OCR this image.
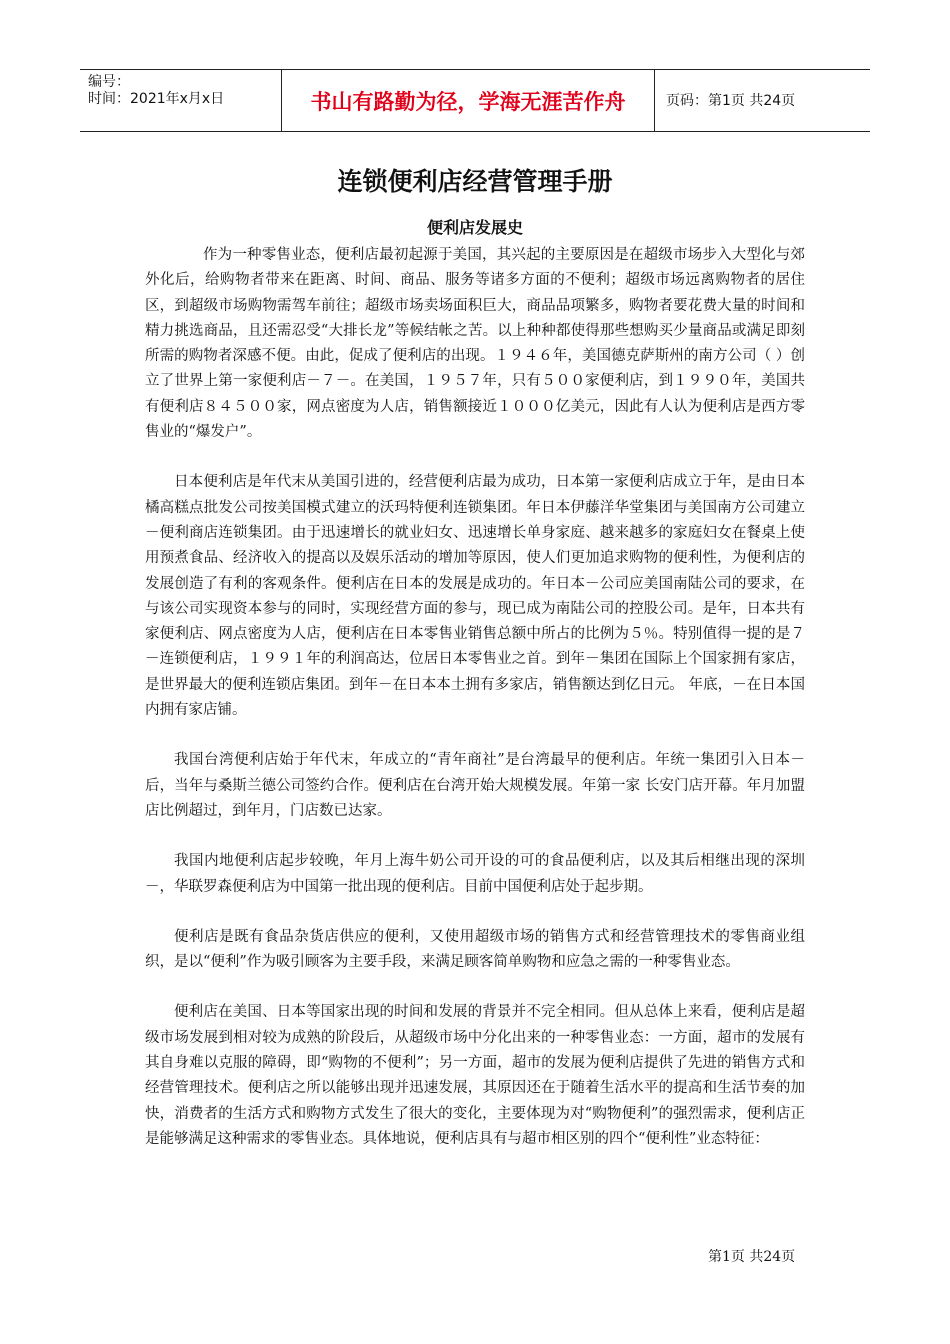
编号：
时间：2021年x月x日	书山有路勤为径，学海无涯苦作舟	页码：第1页 共24页
连锁便利店经营管理手册
便利店发展史

作为一种零售业态，便利店最初起源于美国，其兴起的主要原因是在超级市场步入大型化与郊外化后，给购物者带来在距离、时间、商品、服务等诸多方面的不便利；超级市场远离购物者的居住区，到超级市场购物需驾车前往；超级市场卖场面积巨大，商品品项繁多，购物者要花费大量的时间和精力挑选商品，且还需忍受“大排长龙”等候结帐之苦。以上种种都使得那些想购买少量商品或满足即刻所需的购物者深感不便。由此，促成了便利店的出现。１９４６年，美国德克萨斯州的南方公司（ ）创立了世界上第一家便利店－７－。在美国，１９５７年，只有５００家便利店，到１９９０年，美国共有便利店８４５００家，网点密度为人店，销售额接近１０００亿美元，因此有人认为便利店是西方零售业的“爆发户”。

日本便利店是年代末从美国引进的，经营便利店最为成功，日本第一家便利店成立于年，是由日本橘高糕点批发公司按美国模式建立的沃玛特便利连锁集团。年日本伊藤洋华堂集团与美国南方公司建立－便利商店连锁集团。由于迅速增长的就业妇女、迅速增长单身家庭、越来越多的家庭妇女在餐桌上使用预煮食品、经济收入的提高以及娱乐活动的增加等原因，使人们更加追求购物的便利性，为便利店的发展创造了有利的客观条件。便利店在日本的发展是成功的。年日本－公司应美国南陆公司的要求，在与该公司实现资本参与的同时，实现经营方面的参与，现已成为南陆公司的控股公司。是年，日本共有家便利店、网点密度为人店，便利店在日本零售业销售总额中所占的比例为５％。特别值得一提的是７－连锁便利店，１９９１年的利润高达，位居日本零售业之首。到年－集团在国际上个国家拥有家店，是世界最大的便利连锁店集团。到年－在日本本土拥有多家店，销售额达到亿日元。 年底，－在日本国内拥有家店铺。

我国台湾便利店始于年代末，年成立的“青年商社”是台湾最早的便利店。年统一集团引入日本－后，当年与桑斯兰德公司签约合作。便利店在台湾开始大规模发展。年第一家 长安门店开幕。年月加盟店比例超过，到年月，门店数已达家。

我国内地便利店起步较晚，年月上海牛奶公司开设的可的食品便利店，以及其后相继出现的深圳－，华联罗森便利店为中国第一批出现的便利店。目前中国便利店处于起步期。

便利店是既有食品杂货店供应的便利，又使用超级市场的销售方式和经营管理技术的零售商业组织，是以“便利”作为吸引顾客为主要手段，来满足顾客简单购物和应急之需的一种零售业态。

便利店在美国、日本等国家出现的时间和发展的背景并不完全相同。但从总体上来看，便利店是超级市场发展到相对较为成熟的阶段后，从超级市场中分化出来的一种零售业态：一方面，超市的发展有其自身难以克服的障碍，即“购物的不便利”；另一方面，超市的发展为便利店提供了先进的销售方式和经营管理技术。便利店之所以能够出现并迅速发展，其原因还在于随着生活水平的提高和生活节奏的加快，消费者的生活方式和购物方式发生了很大的变化，主要体现为对“购物便利”的强烈需求，便利店正是能够满足这种需求的零售业态。具体地说，便利店具有与超市相区别的四个“便利性”业态特征：

第1页 共24页
